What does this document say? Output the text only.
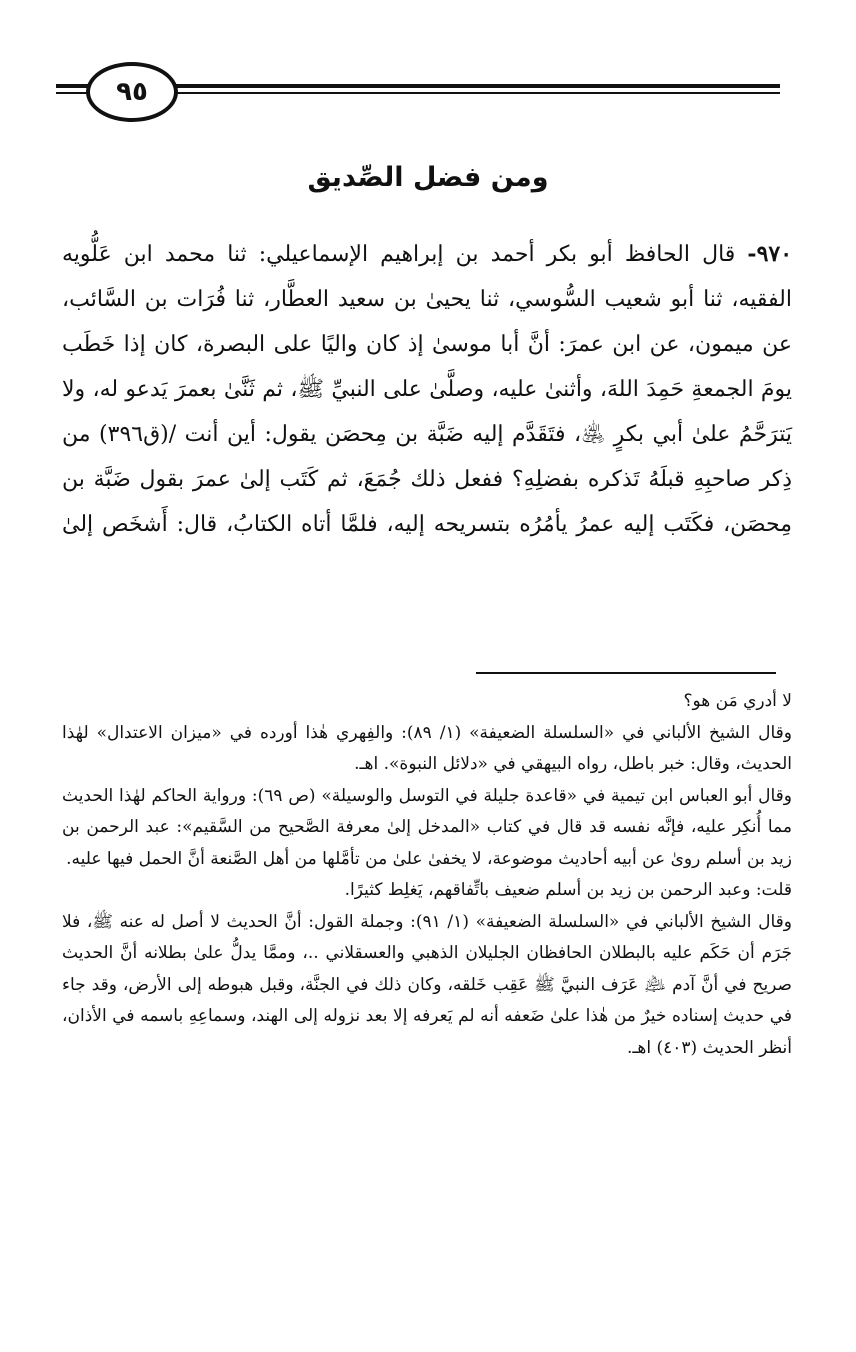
٩٥
ومن فضل الصِّديق

٩٧٠- قال الحافظ أبو بكر أحمد بن إبراهيم الإسماعيلي: ثنا محمد ابن عَلُّويه الفقيه، ثنا أبو شعيب السُّوسي، ثنا يحيىٰ بن سعيد العطَّار، ثنا فُرَات بن السَّائب، عن ميمون، عن ابن عمرَ: أنَّ أبا موسىٰ إذ كان واليًا على البصرة، كان إذا خَطَب يومَ الجمعةِ حَمِدَ اللهَ، وأثنىٰ عليه، وصلَّىٰ على النبيِّ ﷺ، ثم ثَنَّىٰ بعمرَ يَدعو له، ولا يَترَحَّمُ علىٰ أبي بكرٍ ﵁، فتَقَدَّم إليه ضَبَّة بن مِحصَن يقول: أين أنت /(ق٣٩٦) من ذِكر صاحبِهِ قبلَهُ تَذكره بفضلِهِ؟ ففعل ذلك جُمَعَ، ثم كَتَب إلىٰ عمرَ بقول ضَبَّة بن مِحصَن، فكَتَب إليه عمرُ يأمُرُه بتسريحه إليه، فلمَّا أتاه الكتابُ، قال: أَشخَص إلىٰ

لا أدري مَن هو؟

وقال الشيخ الألباني في «السلسلة الضعيفة» (١/ ٨٩): والفِهري هٰذا أورده في «ميزان الاعتدال» لهٰذا الحديث، وقال: خبر باطل، رواه البيهقي في «دلائل النبوة». اهـ.

وقال أبو العباس ابن تيمية في «قاعدة جليلة في التوسل والوسيلة» (ص ٦٩): ورواية الحاكم لهٰذا الحديث مما أُنكِر عليه، فإنَّه نفسه قد قال في كتاب «المدخل إلىٰ معرفة الصَّحيح من السَّقيم»: عبد الرحمن بن زيد بن أسلم روىٰ عن أبيه أحاديث موضوعة، لا يخفىٰ علىٰ من تأمَّلها من أهل الصَّنعة أنَّ الحمل فيها عليه.

قلت: وعبد الرحمن بن زيد بن أسلم ضعيف باتِّفاقهم، يَغلِط كثيرًا.

وقال الشيخ الألباني في «السلسلة الضعيفة» (١/ ٩١): وجملة القول: أنَّ الحديث لا أصل له عنه ﷺ، فلا جَرَم أن حَكَم عليه بالبطلان الحافظان الجليلان الذهبي والعسقلاني ..، وممَّا يدلُّ علىٰ بطلانه أنَّ الحديث صريح في أنَّ آدم ﵇ عَرَف النبيَّ ﷺ عَقِب خَلقه، وكان ذلك في الجنَّة، وقبل هبوطه إلى الأرض، وقد جاء في حديث إسناده خيرٌ من هٰذا علىٰ ضَعفه أنه لم يَعرفه إلا بعد نزوله إلى الهند، وسماعِهِ باسمه في الأذان، أنظر الحديث (٤٠٣) اهـ.
